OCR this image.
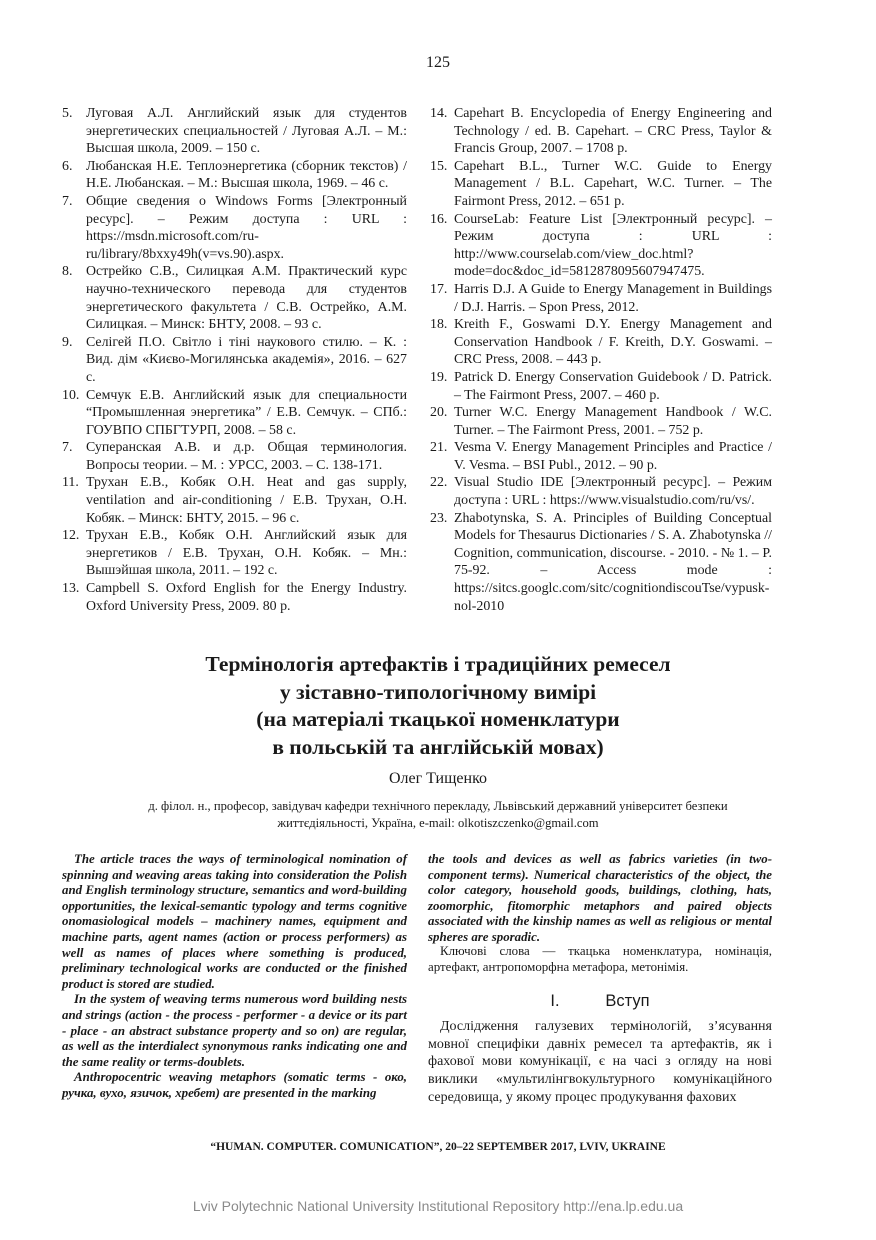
125
5. Луговая А.Л. Английский язык для студентов энергетических специальностей / Луговая А.Л. – М.: Высшая школа, 2009. – 150 с.
6. Любанская Н.Е. Теплоэнергетика (сборник текстов) / Н.Е. Любанская. – М.: Высшая школа, 1969. – 46 с.
7. Общие сведения о Windows Forms [Электронный ресурс]. – Режим доступа : URL : https://msdn.microsoft.com/ru-ru/library/8bxxy49h(v=vs.90).aspx.
8. Острейко С.В., Силицкая А.М. Практический курс научно-технического перевода для студентов энергетического факультета / С.В. Острейко, А.М. Силицкая. – Минск: БНТУ, 2008. – 93 с.
9. Селігей П.О. Світло і тіні наукового стилю. – К. : Вид. дім «Києво-Могилянська академія», 2016. – 627 с.
10. Семчук Е.В. Английский язык для специальности “Промышленная энергетика” / Е.В. Семчук. – СПб.: ГОУВПО СПБГТУРП, 2008. – 58 с.
7. Суперанская А.В. и д.р. Общая терминология. Вопросы теории. – М. : УРСС, 2003. – С. 138-171.
11. Трухан Е.В., Кобяк О.Н. Heat and gas supply, ventilation and air-conditioning / Е.В. Трухан, О.Н. Кобяк. – Минск: БНТУ, 2015. – 96 с.
12. Трухан Е.В., Кобяк О.Н. Английский язык для энергетиков / Е.В. Трухан, О.Н. Кобяк. – Мн.: Вышэйшая школа, 2011. – 192 с.
13. Campbell S. Oxford English for the Energy Industry. Oxford University Press, 2009. 80 p.
14. Capehart B. Encyclopedia of Energy Engineering and Technology / ed. B. Capehart. – CRC Press, Taylor & Francis Group, 2007. – 1708 p.
15. Capehart B.L., Turner W.C. Guide to Energy Management / B.L. Capehart, W.C. Turner. – The Fairmont Press, 2012. – 651 p.
16. CourseLab: Feature List [Электронный ресурс]. – Режим доступа : URL : http://www.courselab.com/view_doc.html?mode=doc&doc_id=5812878095607947475.
17. Harris D.J. A Guide to Energy Management in Buildings / D.J. Harris. – Spon Press, 2012.
18. Kreith F., Goswami D.Y. Energy Management and Conservation Handbook / F. Kreith, D.Y. Goswami. – CRC Press, 2008. – 443 p.
19. Patrick D. Energy Conservation Guidebook / D. Patrick. – The Fairmont Press, 2007. – 460 p.
20. Turner W.C. Energy Management Handbook / W.C. Turner. – The Fairmont Press, 2001. – 752 p.
21. Vesma V. Energy Management Principles and Practice / V. Vesma. – BSI Publ., 2012. – 90 p.
22. Visual Studio IDE [Электронный ресурс]. – Режим доступа : URL : https://www.visualstudio.com/ru/vs/.
23. Zhabotynska, S. A. Principles of Building Conceptual Models for Thesaurus Dictionaries / S. A. Zhabotynska // Cognition, communication, discourse. - 2010. - № 1. – P. 75-92. – Access mode : https://sitcs.googlc.com/sitc/cognitiondiscouTse/vypusk-nol-2010
Термінологія артефактів і традиційних ремесел
у зіставно-типологічному вимірі
(на матеріалі ткацької номенклатури
в польській та англійській мовах)
Олег Тищенко
д. філол. н., професор, завідувач кафедри технічного перекладу, Львівський державний університет безпеки життєдіяльності, Україна, e-mail: olkotiszczenko@gmail.com

The article traces the ways of terminological nomination of spinning and weaving areas taking into consideration the Polish and English terminology structure, semantics and word-building opportunities, the lexical-semantic typology and terms cognitive onomasiological models – machinery names, equipment and machine parts, agent names (action or process performers) as well as names of places where something is produced, preliminary technological works are conducted or the finished product is stored are studied.

In the system of weaving terms numerous word building nests and strings (action - the process - performer - a device or its part - place - an abstract substance property and so on) are regular, as well as the interdialect synonymous ranks indicating one and the same reality or terms-doublets.

Anthropocentric weaving metaphors (somatic terms - око, ручка, вухо, язичок, хребет) are presented in the marking

the tools and devices as well as fabrics varieties (in two-component terms). Numerical characteristics of the object, the color category, household goods, buildings, clothing, hats, zoomorphic, fitomorphic metaphors and paired objects associated with the kinship names as well as religious or mental spheres are sporadic.

Ключові слова — ткацька номенклатура, номінація, артефакт, антропоморфна метафора, метонімія.
I.          Вступ
Дослідження галузевих термінологій, з’ясування мовної специфіки давніх ремесел та артефактів, як і фахової мови комунікації, є на часі з огляду на нові виклики «мультилінгвокультурного комунікаційного середовища, у якому процес продукування фахових
“HUMAN. COMPUTER. COMUNICATION”, 20–22 SEPTEMBER 2017, LVIV, UKRAINE
Lviv Polytechnic National University Institutional Repository http://ena.lp.edu.ua
